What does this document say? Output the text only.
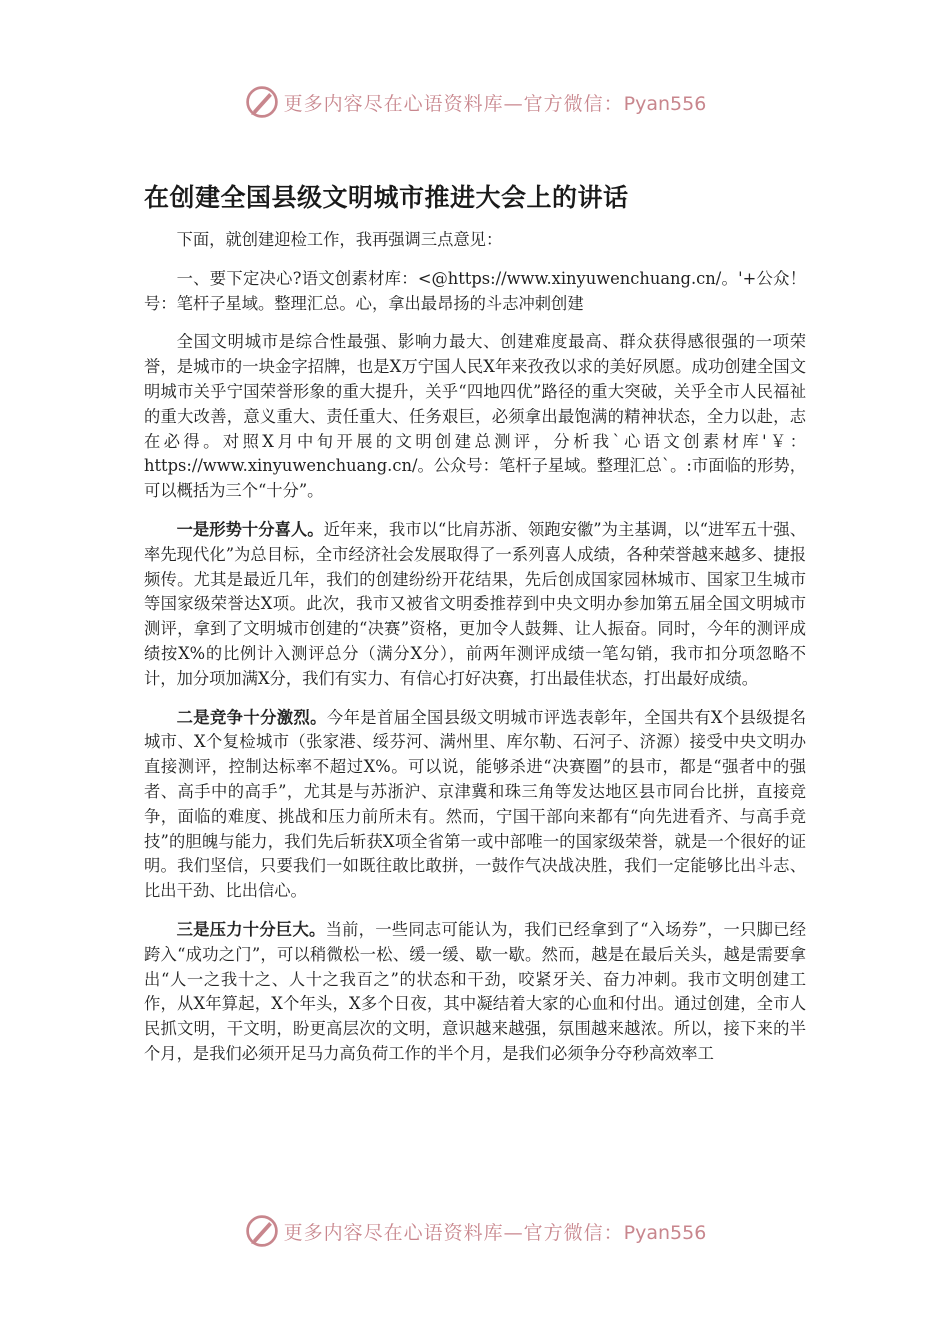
更多内容尽在心语资料库—官方微信：Pyan556
在创建全国县级文明城市推进大会上的讲话

下面，就创建迎检工作，我再强调三点意见：

一、要下定决心?语文创素材库：<@https://www.xinyuwenchuang.cn/。'+公众！号：笔杆子星域。整理汇总。心，拿出最昂扬的斗志冲刺创建

全国文明城市是综合性最强、影响力最大、创建难度最高、群众获得感很强的一项荣誉，是城市的一块金字招牌，也是X万宁国人民X年来孜孜以求的美好夙愿。成功创建全国文明城市关乎宁国荣誉形象的重大提升，关乎“四地四优”路径的重大突破，关乎全市人民福祉的重大改善，意义重大、责任重大、任务艰巨，必须拿出最饱满的精神状态，全力以赴，志在必得。对照X月中旬开展的文明创建总测评，分析我`心语文创素材库'￥：https://www.xinyuwenchuang.cn/。公众号：笔杆子星域。整理汇总`。:市面临的形势，可以概括为三个“十分”。

一是形势十分喜人。近年来，我市以“比肩苏浙、领跑安徽”为主基调，以“进军五十强、率先现代化”为总目标，全市经济社会发展取得了一系列喜人成绩，各种荣誉越来越多、捷报频传。尤其是最近几年，我们的创建纷纷开花结果，先后创成国家园林城市、国家卫生城市等国家级荣誉达X项。此次，我市又被省文明委推荐到中央文明办参加第五届全国文明城市测评，拿到了文明城市创建的“决赛”资格，更加令人鼓舞、让人振奋。同时，今年的测评成绩按X%的比例计入测评总分（满分X分），前两年测评成绩一笔勾销，我市扣分项忽略不计，加分项加满X分，我们有实力、有信心打好决赛，打出最佳状态，打出最好成绩。

二是竞争十分激烈。今年是首届全国县级文明城市评选表彰年，全国共有X个县级提名城市、X个复检城市（张家港、绥芬河、满州里、库尔勒、石河子、济源）接受中央文明办直接测评，控制达标率不超过X%。可以说，能够杀进“决赛圈”的县市，都是“强者中的强者、高手中的高手”，尤其是与苏浙沪、京津冀和珠三角等发达地区县市同台比拼，直接竞争，面临的难度、挑战和压力前所未有。然而，宁国干部向来都有“向先进看齐、与高手竞技”的胆魄与能力，我们先后斩获X项全省第一或中部唯一的国家级荣誉，就是一个很好的证明。我们坚信，只要我们一如既往敢比敢拼，一鼓作气决战决胜，我们一定能够比出斗志、比出干劲、比出信心。

三是压力十分巨大。当前，一些同志可能认为，我们已经拿到了“入场券”，一只脚已经跨入“成功之门”，可以稍微松一松、缓一缓、歇一歇。然而，越是在最后关头，越是需要拿出“人一之我十之、人十之我百之”的状态和干劲，咬紧牙关、奋力冲刺。我市文明创建工作，从X年算起，X个年头，X多个日夜，其中凝结着大家的心血和付出。通过创建，全市人民抓文明，干文明，盼更高层次的文明，意识越来越强，氛围越来越浓。所以，接下来的半个月，是我们必须开足马力高负荷工作的半个月，是我们必须争分夺秒高效率工

更多内容尽在心语资料库—官方微信：Pyan556
